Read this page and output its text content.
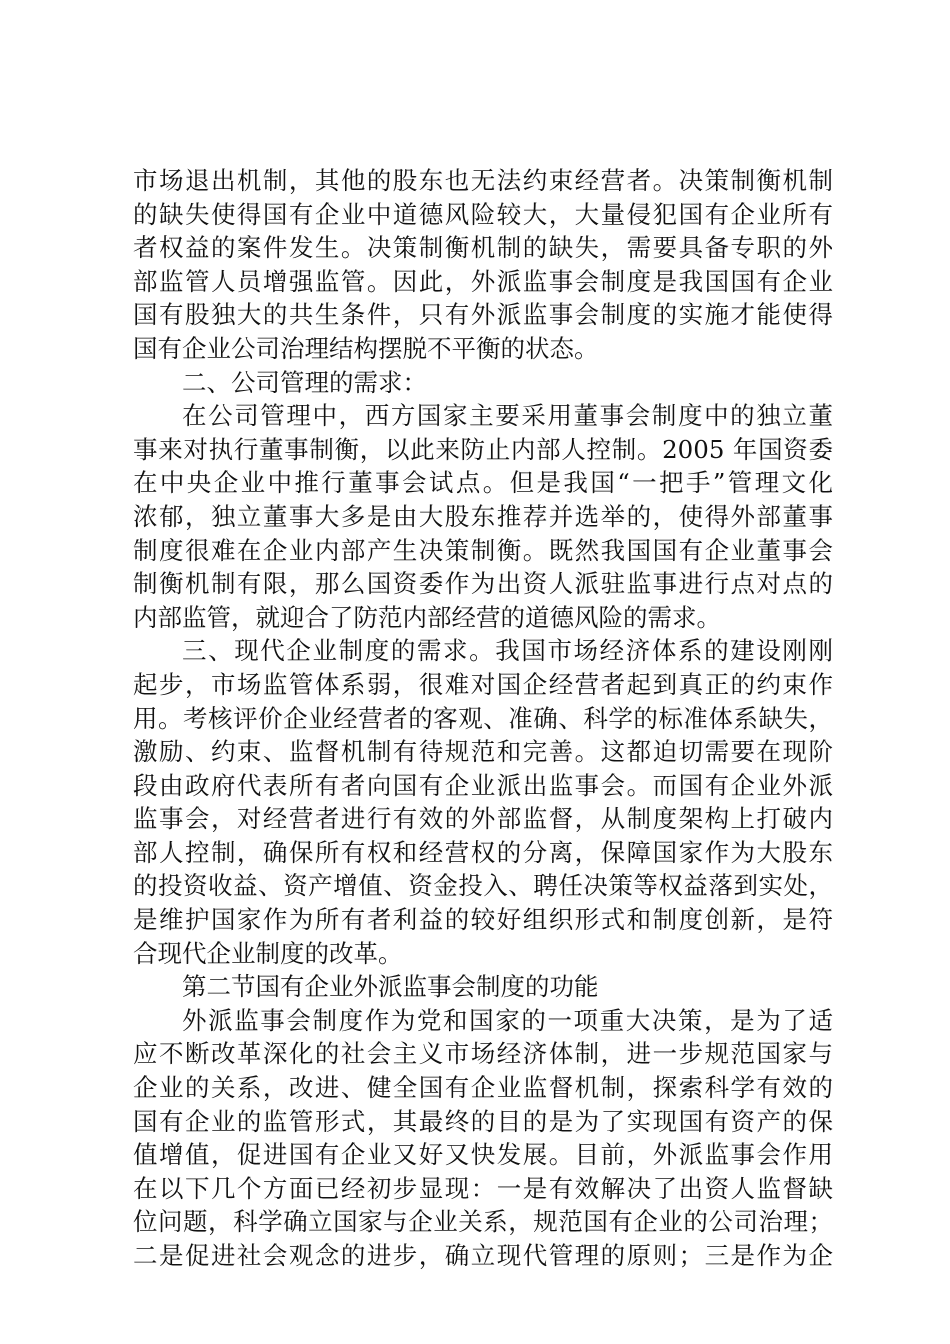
市场退出机制，其他的股东也无法约束经营者。决策制衡机制
的缺失使得国有企业中道德风险较大，大量侵犯国有企业所有
者权益的案件发生。决策制衡机制的缺失，需要具备专职的外
部监管人员增强监管。因此，外派监事会制度是我国国有企业
国有股独大的共生条件，只有外派监事会制度的实施才能使得
国有企业公司治理结构摆脱不平衡的状态。
二、公司管理的需求：
在公司管理中，西方国家主要采用董事会制度中的独立董
事来对执行董事制衡，以此来防止内部人控制。2005 年国资委
在中央企业中推行董事会试点。但是我国“一把手”管理文化
浓郁，独立董事大多是由大股东推荐并选举的，使得外部董事
制度很难在企业内部产生决策制衡。既然我国国有企业董事会
制衡机制有限，那么国资委作为出资人派驻监事进行点对点的
内部监管，就迎合了防范内部经营的道德风险的需求。
三、现代企业制度的需求。我国市场经济体系的建设刚刚
起步，市场监管体系弱，很难对国企经营者起到真正的约束作
用。考核评价企业经营者的客观、准确、科学的标准体系缺失，
激励、约束、监督机制有待规范和完善。这都迫切需要在现阶
段由政府代表所有者向国有企业派出监事会。而国有企业外派
监事会，对经营者进行有效的外部监督，从制度架构上打破内
部人控制，确保所有权和经营权的分离，保障国家作为大股东
的投资收益、资产增值、资金投入、聘任决策等权益落到实处，
是维护国家作为所有者利益的较好组织形式和制度创新，是符
合现代企业制度的改革。
第二节国有企业外派监事会制度的功能
外派监事会制度作为党和国家的一项重大决策，是为了适
应不断改革深化的社会主义市场经济体制，进一步规范国家与
企业的关系，改进、健全国有企业监督机制，探索科学有效的
国有企业的监管形式，其最终的目的是为了实现国有资产的保
值增值，促进国有企业又好又快发展。目前，外派监事会作用
在以下几个方面已经初步显现：一是有效解决了出资人监督缺
位问题，科学确立国家与企业关系，规范国有企业的公司治理；
二是促进社会观念的进步，确立现代管理的原则；三是作为企
